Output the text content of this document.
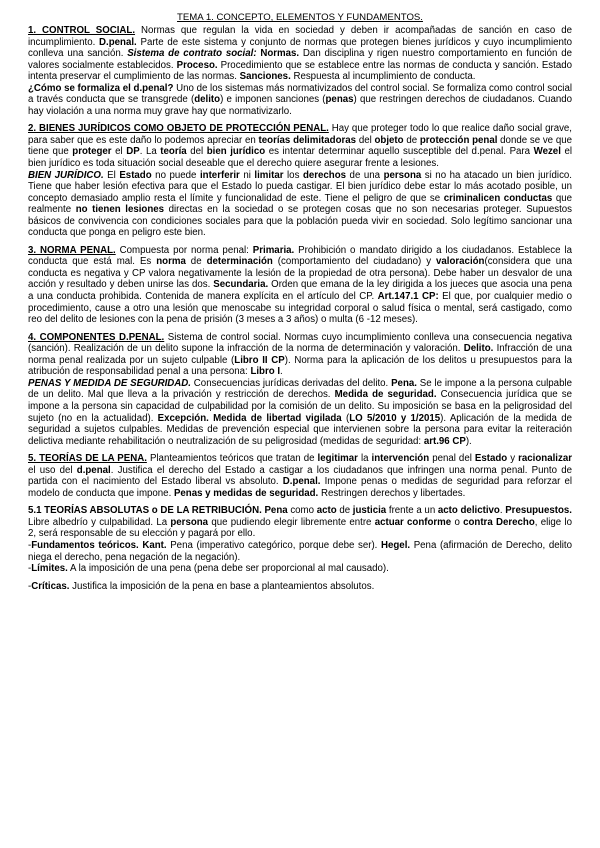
TEMA 1. CONCEPTO, ELEMENTOS Y FUNDAMENTOS.

1. CONTROL SOCIAL. Normas que regulan la vida en sociedad y deben ir acompañadas de sanción en caso de incumplimiento. D.penal. Parte de este sistema y conjunto de normas que protegen bienes jurídicos y cuyo incumplimiento conlleva una sanción. Sistema de contrato social: Normas. Dan disciplina y rigen nuestro comportamiento en función de valores socialmente establecidos. Proceso. Procedimiento que se establece entre las normas de conducta y sanción. Estado intenta preservar el cumplimiento de las normas. Sanciones. Respuesta al incumplimiento de conducta.

¿Cómo se formaliza el d.penal? Uno de los sistemas más normativizados del control social. Se formaliza como control social a través conducta que se transgrede (delito) e imponen sanciones (penas) que restringen derechos de ciudadanos. Cuando hay violación a una norma muy grave hay que normativizarlo.

2. BIENES JURÍDICOS COMO OBJETO DE PROTECCIÓN PENAL. Hay que proteger todo lo que realice daño social grave, para saber que es este daño lo podemos apreciar en teorías delimitadoras del objeto de protección penal donde se ve que tiene que proteger el DP. La teoría del bien jurídico es intentar determinar aquello susceptible del d.penal. Para Wezel el bien jurídico es toda situación social deseable que el derecho quiere asegurar frente a lesiones.

BIEN JURÍDICO. El Estado no puede interferir ni limitar los derechos de una persona si no ha atacado un bien jurídico. Tiene que haber lesión efectiva para que el Estado lo pueda castigar. El bien jurídico debe estar lo más acotado posible, un concepto demasiado amplio resta el límite y funcionalidad de este. Tiene el peligro de que se criminalicen conductas que realmente no tienen lesiones directas en la sociedad o se protegen cosas que no son necesarias proteger. Supuestos básicos de convivencia con condiciones sociales para que la población pueda vivir en sociedad. Solo legítimo sancionar una conducta que ponga en peligro este bien.

3. NORMA PENAL. Compuesta por norma penal: Primaria. Prohibición o mandato dirigido a los ciudadanos. Establece la conducta que está mal. Es norma de determinación (comportamiento del ciudadano) y valoración(considera que una conducta es negativa y CP valora negativamente la lesión de la propiedad de otra persona). Debe haber un desvalor de una acción y resultado y deben unirse las dos. Secundaria. Orden que emana de la ley dirigida a los jueces que asocia una pena a una conducta prohibida. Contenida de manera explícita en el artículo del CP. Art.147.1 CP: El que, por cualquier medio o procedimiento, cause a otro una lesión que menoscabe su integridad corporal o salud física o mental, será castigado, como reo del delito de lesiones con la pena de prisión (3 meses a 3 años) o multa (6 -12 meses).

4. COMPONENTES D.PENAL. Sistema de control social. Normas cuyo incumplimiento conlleva una consecuencia negativa (sanción). Realización de un delito supone la infracción de la norma de determinación y valoración. Delito. Infracción de una norma penal realizada por un sujeto culpable (Libro II CP). Norma para la aplicación de los delitos u presupuestos para la atribución de responsabilidad penal a una persona: Libro I.

PENAS Y MEDIDA DE SEGURIDAD. Consecuencias jurídicas derivadas del delito. Pena. Se le impone a la persona culpable de un delito. Mal que lleva a la privación y restricción de derechos. Medida de seguridad. Consecuencia jurídica que se impone a la persona sin capacidad de culpabilidad por la comisión de un delito. Su imposición se basa en la peligrosidad del sujeto (no en la actualidad). Excepción. Medida de libertad vigilada (LO 5/2010 y 1/2015). Aplicación de la medida de seguridad a sujetos culpables. Medidas de prevención especial que intervienen sobre la persona para evitar la reiteración delictiva mediante rehabilitación o neutralización de su peligrosidad (medidas de seguridad: art.96 CP).

5. TEORÍAS DE LA PENA. Planteamientos teóricos que tratan de legitimar la intervención penal del Estado y racionalizar el uso del d.penal. Justifica el derecho del Estado a castigar a los ciudadanos que infringen una norma penal. Punto de partida con el nacimiento del Estado liberal vs absoluto. D.penal. Impone penas o medidas de seguridad para reforzar el modelo de conducta que impone. Penas y medidas de seguridad. Restringen derechos y libertades.

5.1 TEORÍAS ABSOLUTAS o DE LA RETRIBUCIÓN. Pena como acto de justicia frente a un acto delictivo. Presupuestos. Libre albedrío y culpabilidad. La persona que pudiendo elegir libremente entre actuar conforme o contra Derecho, elige lo 2, será responsable de su elección y pagará por ello.

-Fundamentos teóricos. Kant. Pena (imperativo categórico, porque debe ser). Hegel. Pena (afirmación de Derecho, delito niega el derecho, pena negación de la negación).

-Límites. A la imposición de una pena (pena debe ser proporcional al mal causado).

-Críticas. Justifica la imposición de la pena en base a planteamientos absolutos.
